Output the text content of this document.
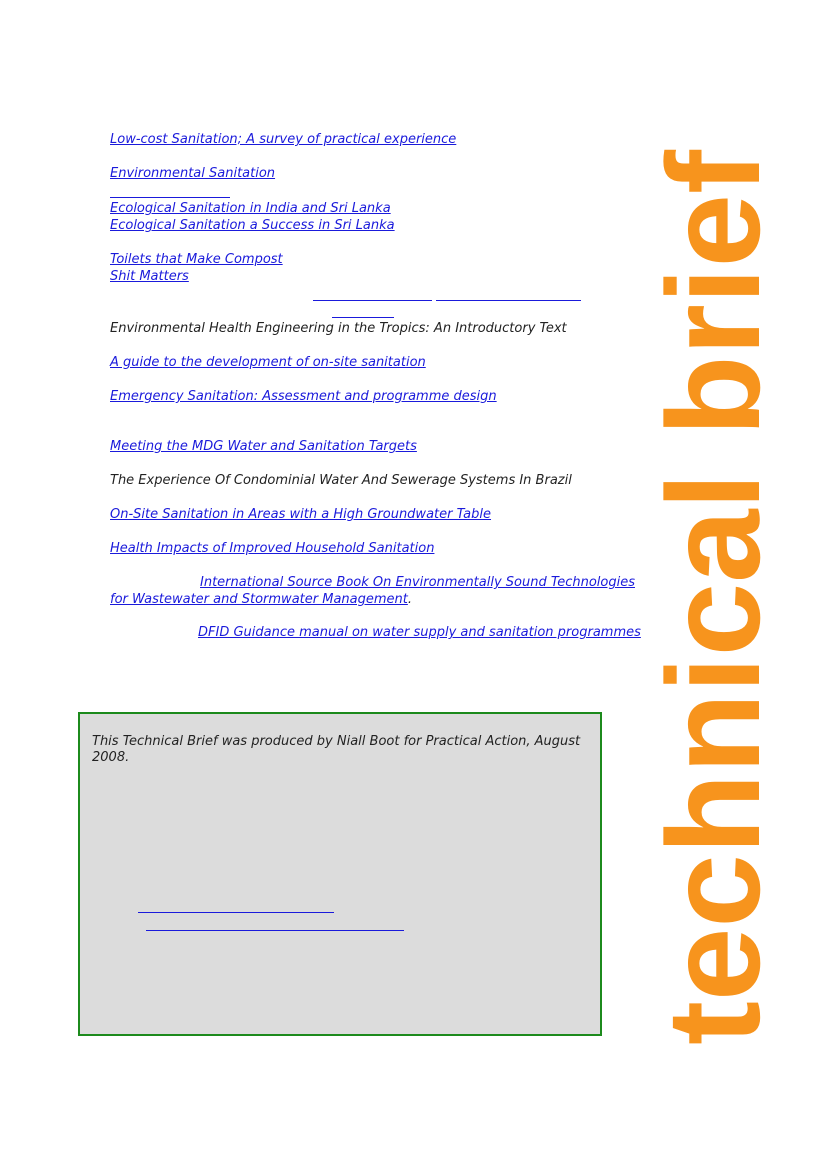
Low-cost Sanitation; A survey of practical experience
Environmental Sanitation
Ecological Sanitation in India and Sri Lanka
Ecological Sanitation a Success in Sri Lanka
Toilets that Make Compost
Shit Matters
Environmental Health Engineering in the Tropics: An Introductory Text
A guide to the development of on-site sanitation
Emergency Sanitation: Assessment and programme design
Meeting the MDG Water and Sanitation Targets
The Experience Of Condominial Water And Sewerage Systems In Brazil
On-Site Sanitation in Areas with a High Groundwater Table
Health Impacts of Improved Household Sanitation
International Source Book On Environmentally Sound Technologies
for Wastewater and Stormwater Management.
DFID Guidance manual on water supply and sanitation programmes
This Technical Brief was produced by Niall Boot for Practical Action, August 2008.	technical brief
